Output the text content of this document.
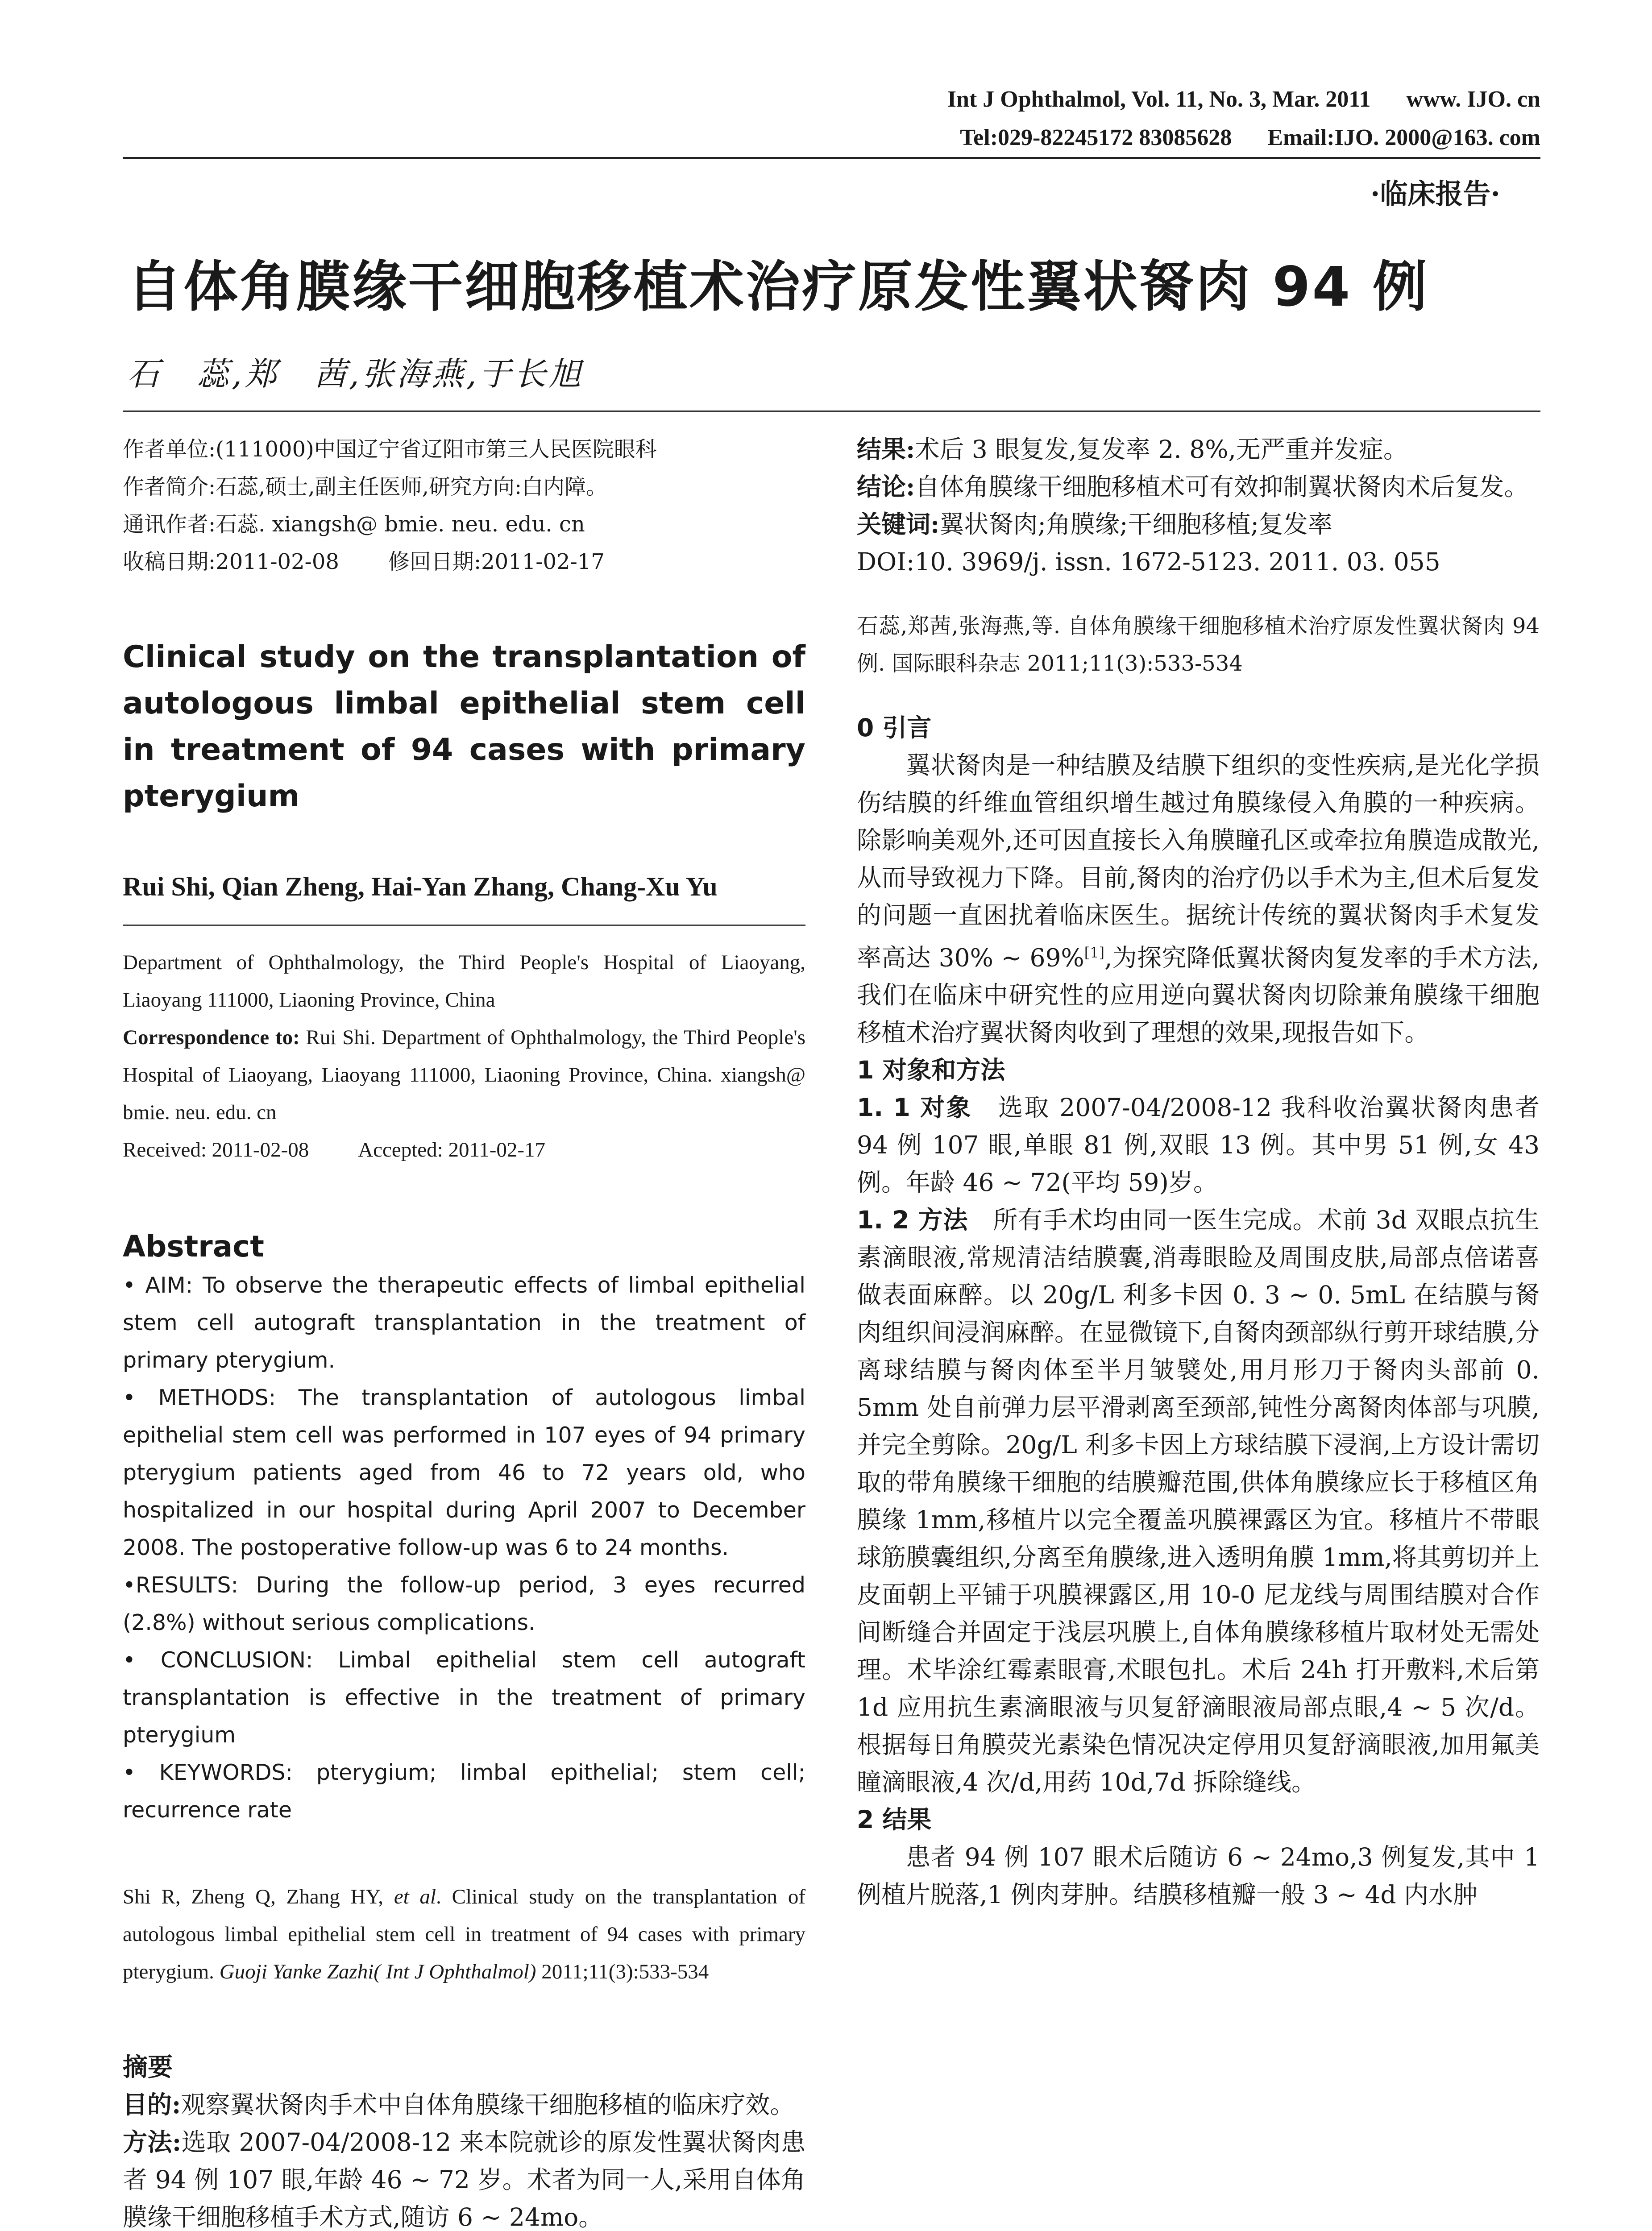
Int J Ophthalmol, Vol. 11, No. 3, Mar. 2011 www. IJO. cn
Tel:029-82245172 83085628 Email:IJO. 2000@163. com
·临床报告·
自体角膜缘干细胞移植术治疗原发性翼状胬肉 94 例
石　蕊,郑　茜,张海燕,于长旭
作者单位:(111000)中国辽宁省辽阳市第三人民医院眼科
作者简介:石蕊,硕士,副主任医师,研究方向:白内障。
通讯作者:石蕊. xiangsh@ bmie. neu. edu. cn
收稿日期:2011-02-08 修回日期:2011-02-17
Clinical study on the transplantation of autologous limbal epithelial stem cell in treatment of 94 cases with primary pterygium
Rui Shi, Qian Zheng, Hai-Yan Zhang, Chang-Xu Yu
Department of Ophthalmology, the Third People's Hospital of Liaoyang, Liaoyang 111000, Liaoning Province, China
Correspondence to: Rui Shi. Department of Ophthalmology, the Third People's Hospital of Liaoyang, Liaoyang 111000, Liaoning Province, China. xiangsh@ bmie. neu. edu. cn
Received: 2011-02-08 Accepted: 2011-02-17
Abstract
• AIM: To observe the therapeutic effects of limbal epithelial stem cell autograft transplantation in the treatment of primary pterygium.
• METHODS: The transplantation of autologous limbal epithelial stem cell was performed in 107 eyes of 94 primary pterygium patients aged from 46 to 72 years old, who hospitalized in our hospital during April 2007 to December 2008. The postoperative follow-up was 6 to 24 months.
•RESULTS: During the follow-up period, 3 eyes recurred (2.8%) without serious complications.
• CONCLUSION: Limbal epithelial stem cell autograft transplantation is effective in the treatment of primary pterygium
• KEYWORDS: pterygium; limbal epithelial; stem cell; recurrence rate
Shi R, Zheng Q, Zhang HY, et al. Clinical study on the transplantation of autologous limbal epithelial stem cell in treatment of 94 cases with primary pterygium. Guoji Yanke Zazhi( Int J Ophthalmol) 2011;11(3):533-534
摘要
目的:观察翼状胬肉手术中自体角膜缘干细胞移植的临床疗效。
方法:选取 2007-04/2008-12 来本院就诊的原发性翼状胬肉患者 94 例 107 眼,年龄 46 ~ 72 岁。术者为同一人,采用自体角膜缘干细胞移植手术方式,随访 6 ~ 24mo。
结果:术后 3 眼复发,复发率 2. 8%,无严重并发症。
结论:自体角膜缘干细胞移植术可有效抑制翼状胬肉术后复发。
关键词:翼状胬肉;角膜缘;干细胞移植;复发率
DOI:10. 3969/j. issn. 1672-5123. 2011. 03. 055
石蕊,郑茜,张海燕,等. 自体角膜缘干细胞移植术治疗原发性翼状胬肉 94 例. 国际眼科杂志 2011;11(3):533-534
0 引言
翼状胬肉是一种结膜及结膜下组织的变性疾病,是光化学损伤结膜的纤维血管组织增生越过角膜缘侵入角膜的一种疾病。除影响美观外,还可因直接长入角膜瞳孔区或牵拉角膜造成散光,从而导致视力下降。目前,胬肉的治疗仍以手术为主,但术后复发的问题一直困扰着临床医生。据统计传统的翼状胬肉手术复发率高达 30% ~ 69%[1],为探究降低翼状胬肉复发率的手术方法,我们在临床中研究性的应用逆向翼状胬肉切除兼角膜缘干细胞移植术治疗翼状胬肉收到了理想的效果,现报告如下。
1 对象和方法
1. 1 对象　 选取 2007-04/2008-12 我科收治翼状胬肉患者 94 例 107 眼,单眼 81 例,双眼 13 例。其中男 51 例,女 43 例。年龄 46 ~ 72(平均 59)岁。
1. 2 方法　 所有手术均由同一医生完成。术前 3d 双眼点抗生素滴眼液,常规清洁结膜囊,消毒眼睑及周围皮肤,局部点倍诺喜做表面麻醉。以 20g/L 利多卡因 0. 3 ~ 0. 5mL 在结膜与胬肉组织间浸润麻醉。在显微镜下,自胬肉颈部纵行剪开球结膜,分离球结膜与胬肉体至半月皱襞处,用月形刀于胬肉头部前 0. 5mm 处自前弹力层平滑剥离至颈部,钝性分离胬肉体部与巩膜,并完全剪除。20g/L 利多卡因上方球结膜下浸润,上方设计需切取的带角膜缘干细胞的结膜瓣范围,供体角膜缘应长于移植区角膜缘 1mm,移植片以完全覆盖巩膜裸露区为宜。移植片不带眼球筋膜囊组织,分离至角膜缘,进入透明角膜 1mm,将其剪切并上皮面朝上平铺于巩膜裸露区,用 10-0 尼龙线与周围结膜对合作间断缝合并固定于浅层巩膜上,自体角膜缘移植片取材处无需处理。术毕涂红霉素眼膏,术眼包扎。术后 24h 打开敷料,术后第 1d 应用抗生素滴眼液与贝复舒滴眼液局部点眼,4 ~ 5 次/d。根据每日角膜荧光素染色情况决定停用贝复舒滴眼液,加用氟美瞳滴眼液,4 次/d,用药 10d,7d 拆除缝线。
2 结果
患者 94 例 107 眼术后随访 6 ~ 24mo,3 例复发,其中 1 例植片脱落,1 例肉芽肿。结膜移植瓣一般 3 ~ 4d 内水肿
